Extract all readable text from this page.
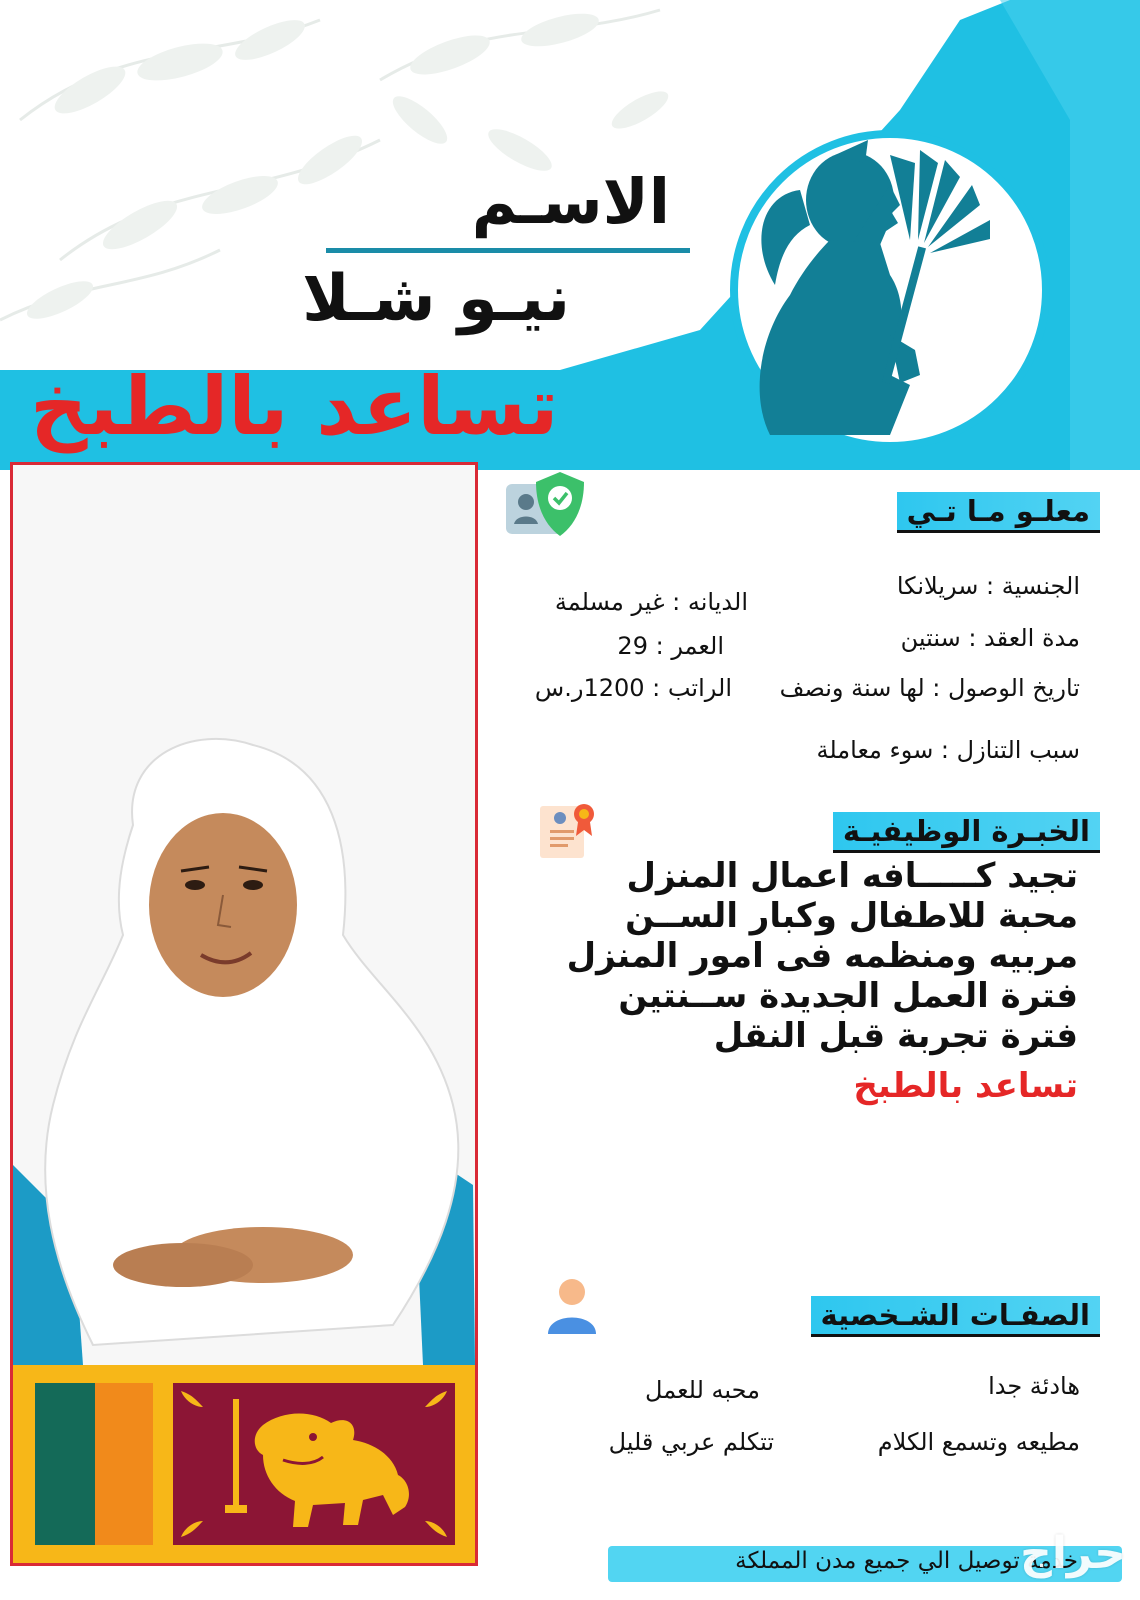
الاسـم
نيـو شـلا
تساعد بالطبخ
معلـو مـا تـي
الجنسية : سريلانكا
الديانه : غير مسلمة
مدة العقد : سنتين
العمر : 29
تاريخ الوصول : لها سنة ونصف
الراتب : 1200ر.س
سبب التنازل : سوء معاملة
الخبـرة الوظيفيـة
تجيد كـــــافه اعمال المنزل
محبة للاطفال وكبار الســن
مربيه ومنظمه فى امور المنزل
فترة العمل الجديدة ســنتين
فترة تجربة قبل النقل
تساعد بالطبخ
الصفـات الشـخصية
هادئة جدا
محبه للعمل
مطيعه وتسمع الكلام
تتكلم عربي قليل
خدمة توصيل الي جميع مدن المملكة
حراج
